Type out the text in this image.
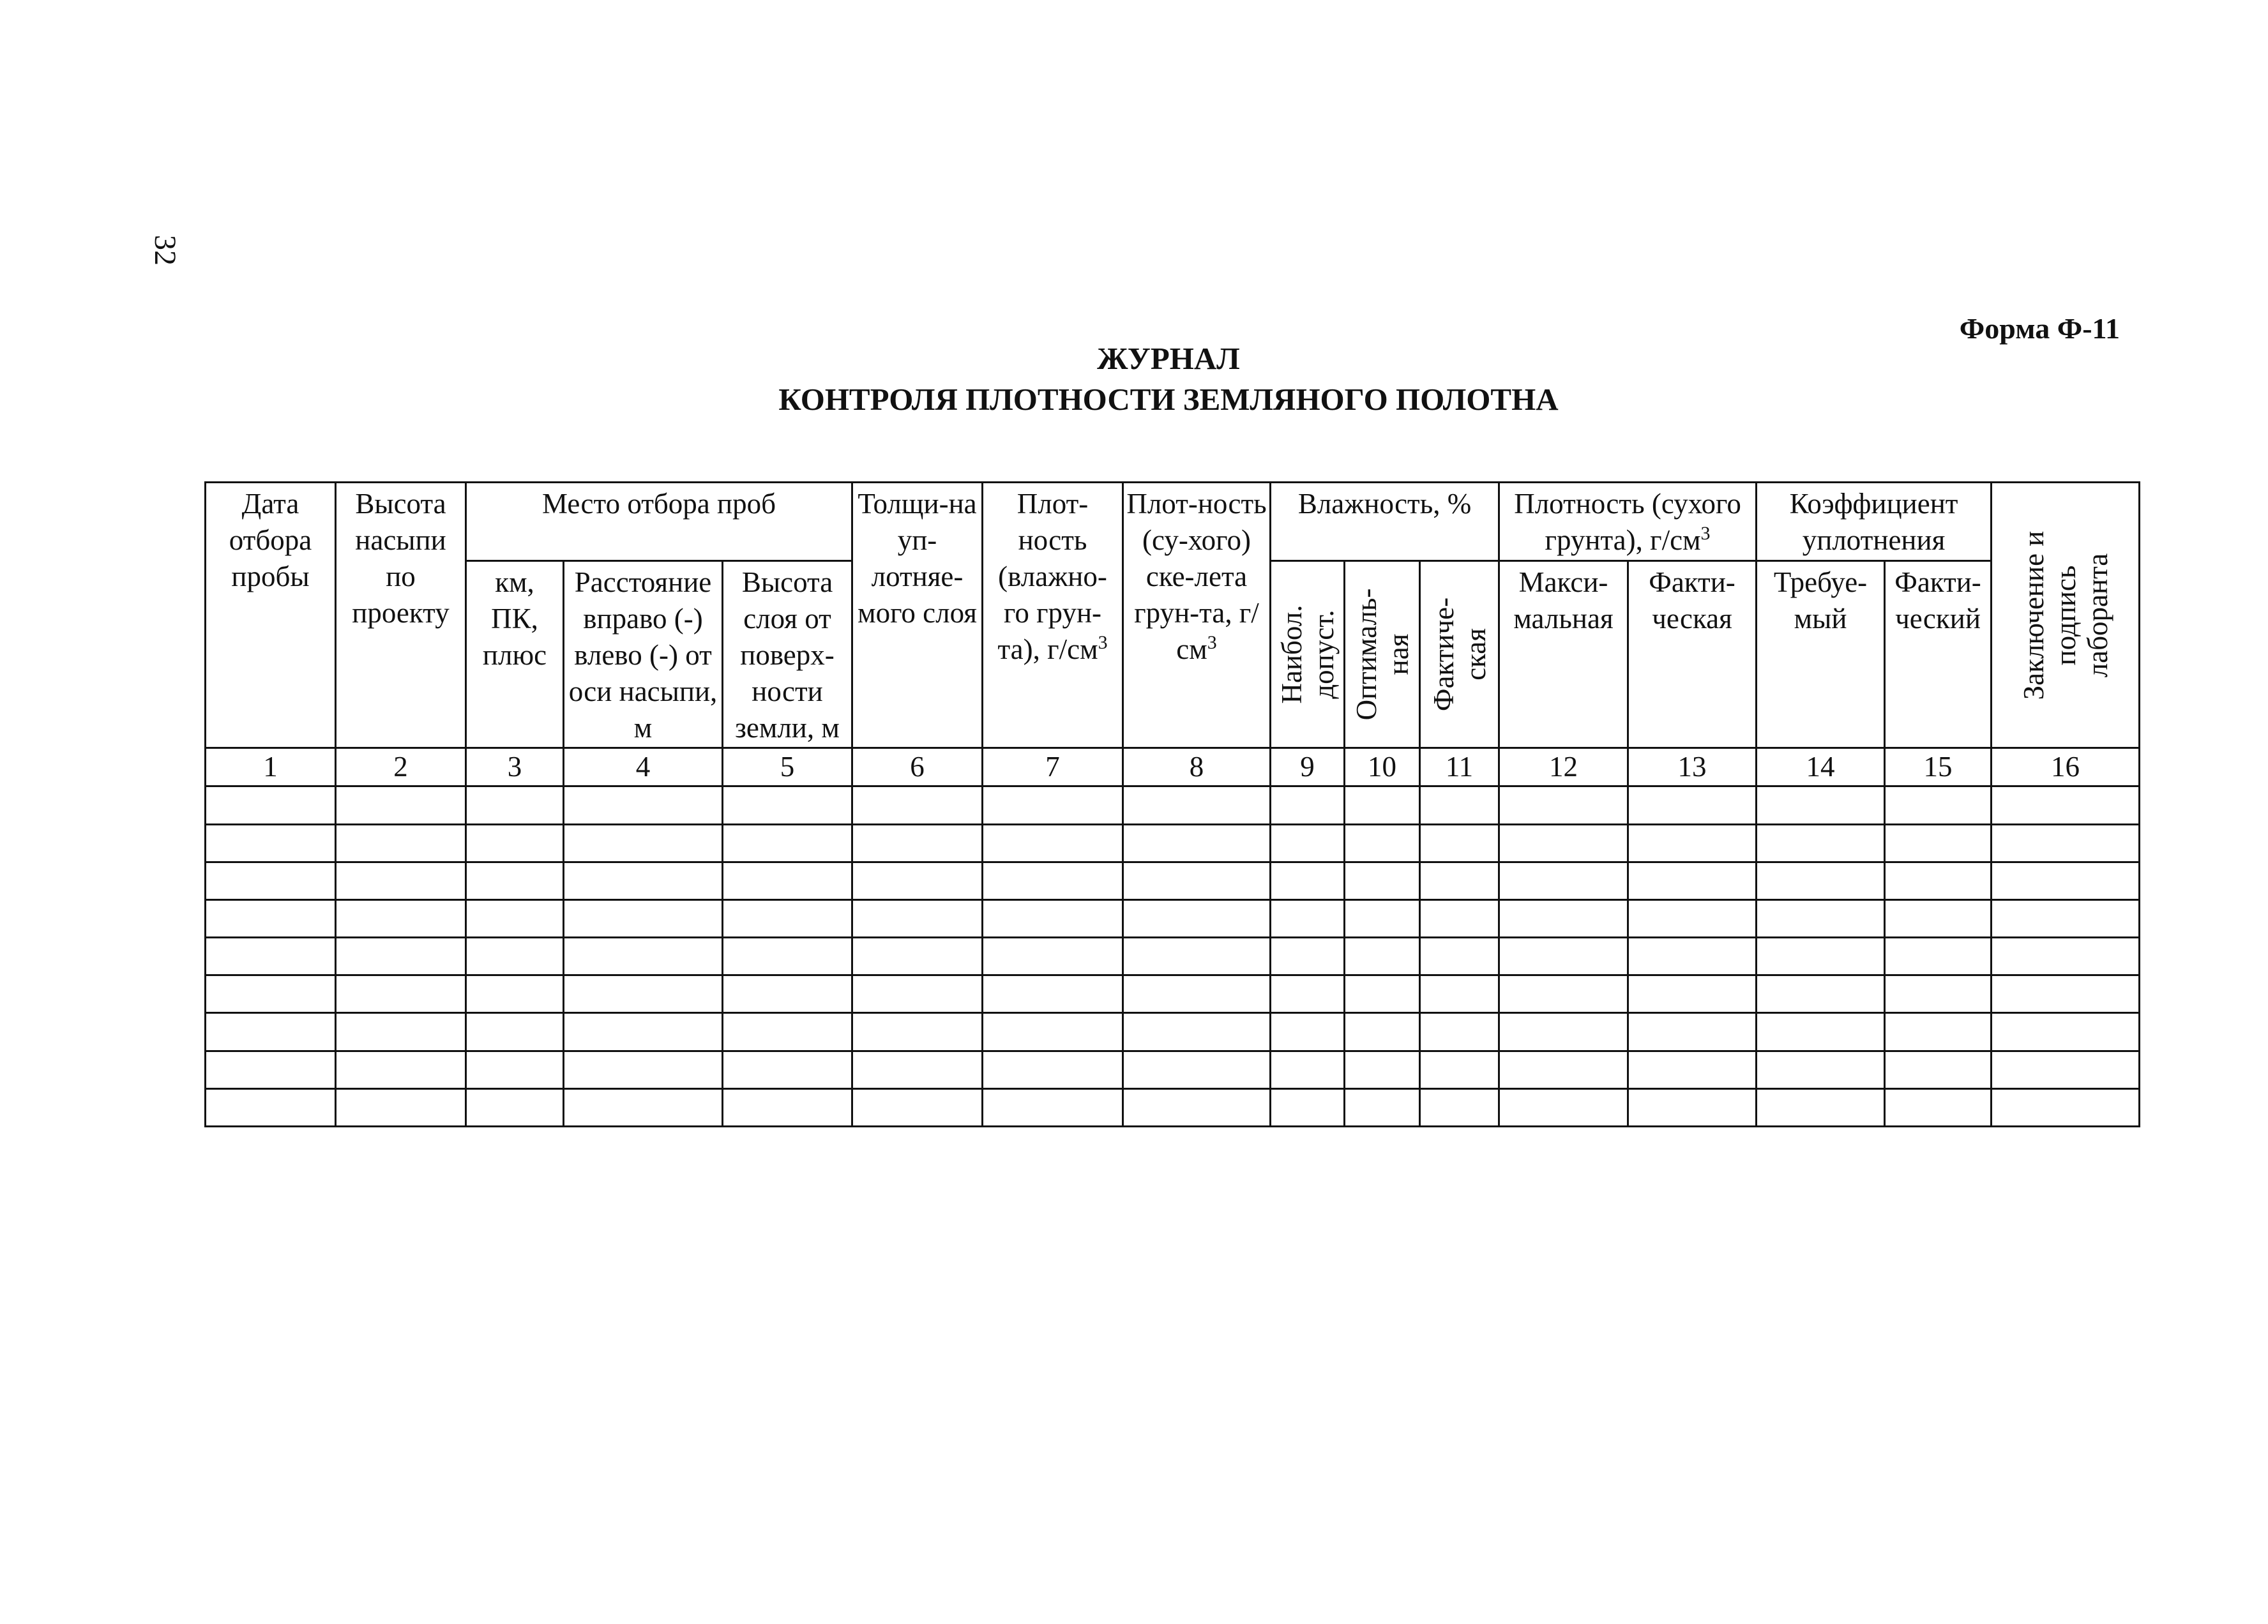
32
Форма Ф-11
ЖУРНАЛ
КОНТРОЛЯ ПЛОТНОСТИ ЗЕМЛЯНОГО ПОЛОТНА
Дата отбора пробы	Высота насыпи по проекту	Место отбора проб			Толщи-на уп-лотняе-мого слоя	Плот-ность (влажно-го грун-та), $г/см^3$	Плот-ность (су-хого) ске-лета грун-та, $г/см^3$	Влажность, %			Плотность (сухого грунта), $г/см^3$		Коэффициент уплотнения		Заключение и подпись лаборанта

		км, ПК, плюс	Расстояние вправо (-) влево (-) от оси насыпи, м	Высота слоя от поверх-ности земли, м				Наибол. допуст.	Оптималь-ная	Фактиче-ская	Макси-мальная	Факти-ческая	Требуе-мый	Факти-ческий	

1	2	3	4	5	6	7	8	9	10	11	12	13	14	15	16
